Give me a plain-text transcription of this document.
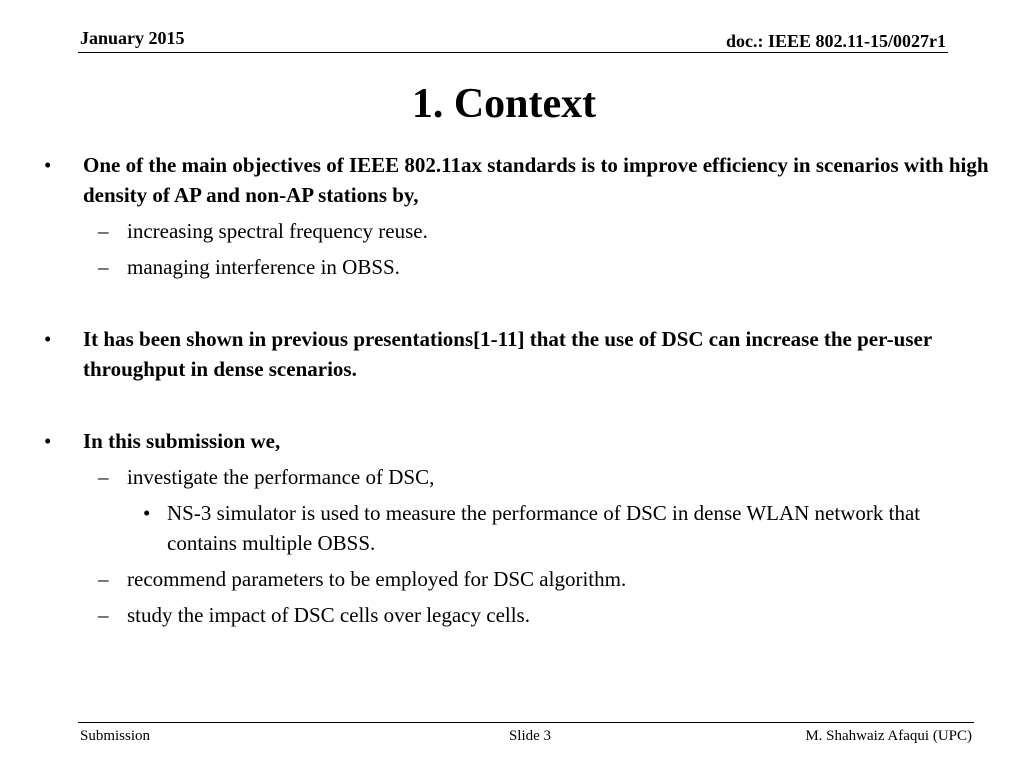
January 2015	doc.: IEEE 802.11-15/0027r1
1. Context
• One of the main objectives of IEEE 802.11ax standards is to improve efficiency in scenarios with high density of AP and non-AP stations by,
– increasing spectral frequency reuse.
– managing interference in OBSS.
• It has been shown in previous presentations[1-11] that the use of DSC can increase the per-user throughput in dense scenarios.
• In this submission we,
– investigate the performance of DSC,
• NS-3 simulator is used to measure the performance of DSC in dense WLAN network that contains multiple OBSS.
– recommend parameters to be employed for DSC algorithm.
– study the impact of DSC cells over legacy cells.
Submission	Slide 3	M. Shahwaiz Afaqui (UPC)
